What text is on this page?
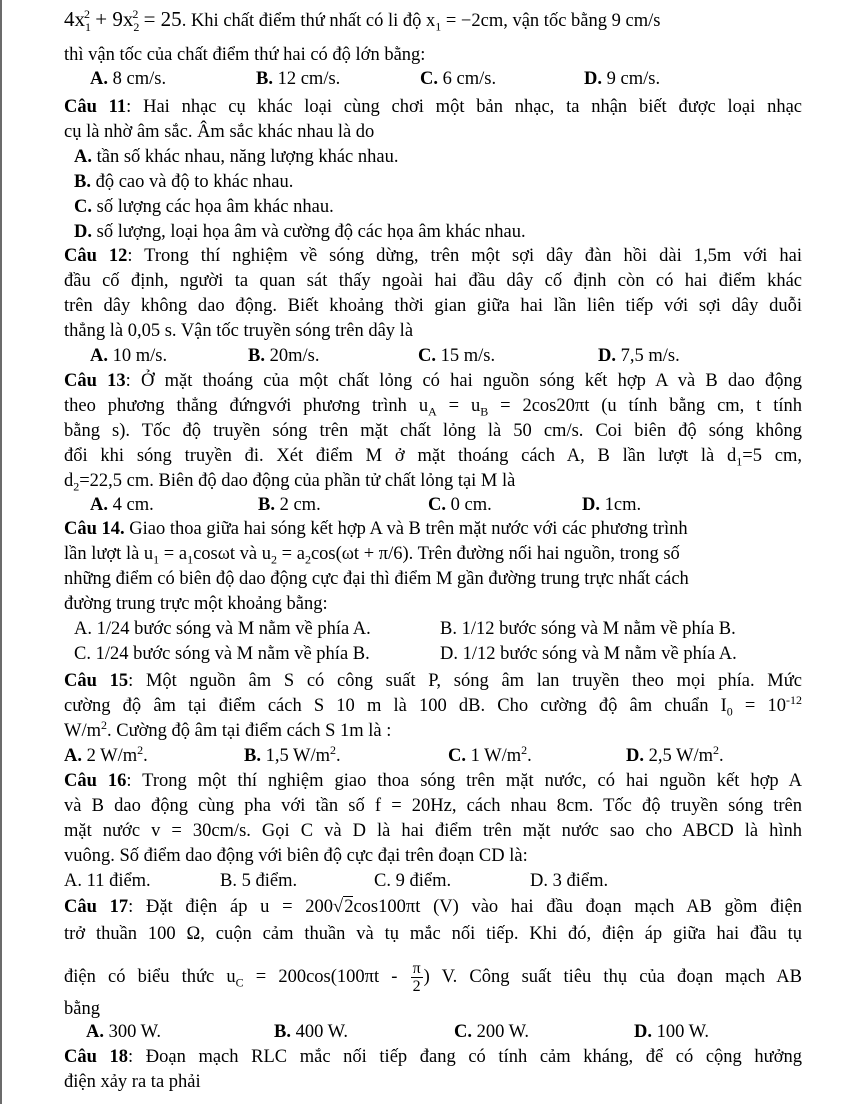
$4x_1^2 + 9x_2^2 = 25$. Khi chất điểm thứ nhất có li độ $x_1 = -2cm$, vận tốc bằng 9 cm/s
thì vận tốc của chất điểm thứ hai có độ lớn bằng:
A. 8 cm/s.	B. 12 cm/s.	C. 6 cm/s.	D. 9 cm/s.
Câu 11: Hai nhạc cụ khác loại cùng chơi một bản nhạc, ta nhận biết được loại nhạc
cụ là nhờ âm sắc. Âm sắc khác nhau là do
A. tần số khác nhau, năng lượng khác nhau.
B. độ cao và độ to khác nhau.
C. số lượng các họa âm khác nhau.
D. số lượng, loại họa âm và cường độ các họa âm khác nhau.
Câu 12: Trong thí nghiệm về sóng dừng, trên một sợi dây đàn hồi dài 1,5m với hai
đầu cố định, người ta quan sát thấy ngoài hai đầu dây cố định còn có hai điểm khác
trên dây không dao động. Biết khoảng thời gian giữa hai lần liên tiếp với sợi dây duỗi
thẳng là 0,05 s. Vận tốc truyền sóng trên dây là
A. 10 m/s.	B. 20m/s.	C. 15 m/s.	D. 7,5 m/s.
Câu 13: Ở mặt thoáng của một chất lỏng có hai nguồn sóng kết hợp A và B dao động
theo phương thẳng đứngvới phương trình $u_A = u_B = 2\cos 20\pi t$ (u tính bằng cm, t tính
bằng s). Tốc độ truyền sóng trên mặt chất lỏng là 50 cm/s. Coi biên độ sóng không
đổi khi sóng truyền đi. Xét điểm M ở mặt thoáng cách A, B lần lượt là $d_1=5$ cm,
$d_2=22,5$ cm. Biên độ dao động của phần tử chất lỏng tại M là
A. 4 cm.	B. 2 cm.	C. 0 cm.	D. 1cm.
Câu 14. Giao thoa giữa hai sóng kết hợp A và B trên mặt nước với các phương trình
lần lượt là $u_1 = a_1\cos\omega t$ và $u_2 = a_2\cos(\omega t + \pi/6)$. Trên đường nối hai nguồn, trong số
những điểm có biên độ dao động cực đại thì điểm M gần đường trung trực nhất cách
đường trung trực một khoảng bằng:
A. 1/24 bước sóng và M nằm về phía A.	B. 1/12 bước sóng và M nằm về phía B.
C. 1/24 bước sóng và M nằm về phía B.	D. 1/12 bước sóng và M nằm về phía A.
Câu 15: Một nguồn âm S có công suất P, sóng âm lan truyền theo mọi phía. Mức
cường độ âm tại điểm cách S 10 m là 100 dB. Cho cường độ âm chuẩn $I_0 = 10^{-12}$
$W/m^2$. Cường độ âm tại điểm cách S 1m là :
A. 2 $W/m^2$.	B. 1,5 $W/m^2$.	C. 1 $W/m^2$.	D. 2,5 $W/m^2$.
Câu 16: Trong một thí nghiệm giao thoa sóng trên mặt nước, có hai nguồn kết hợp A
và B dao động cùng pha với tần số f = 20Hz, cách nhau 8cm. Tốc độ truyền sóng trên
mặt nước v = 30cm/s. Gọi C và D là hai điểm trên mặt nước sao cho ABCD là hình
vuông. Số điểm dao động với biên độ cực đại trên đoạn CD là:
A. 11 điểm.	B. 5 điểm.	C. 9 điểm.	D. 3 điểm.
Câu 17: Đặt điện áp u = 200√2cos100πt (V) vào hai đầu đoạn mạch AB gồm điện
trở thuần 100 Ω, cuộn cảm thuần và tụ mắc nối tiếp. Khi đó, điện áp giữa hai đầu tụ
điện có biểu thức $u_C = 200\cos(100\pi t - \frac{\pi}{2}$ ) V. Công suất tiêu thụ của đoạn mạch AB
bằng
A. 300 W.	B. 400 W.	C. 200 W.	D. 100 W.
Câu 18: Đoạn mạch RLC mắc nối tiếp đang có tính cảm kháng, để có cộng hưởng
điện xảy ra ta phải
